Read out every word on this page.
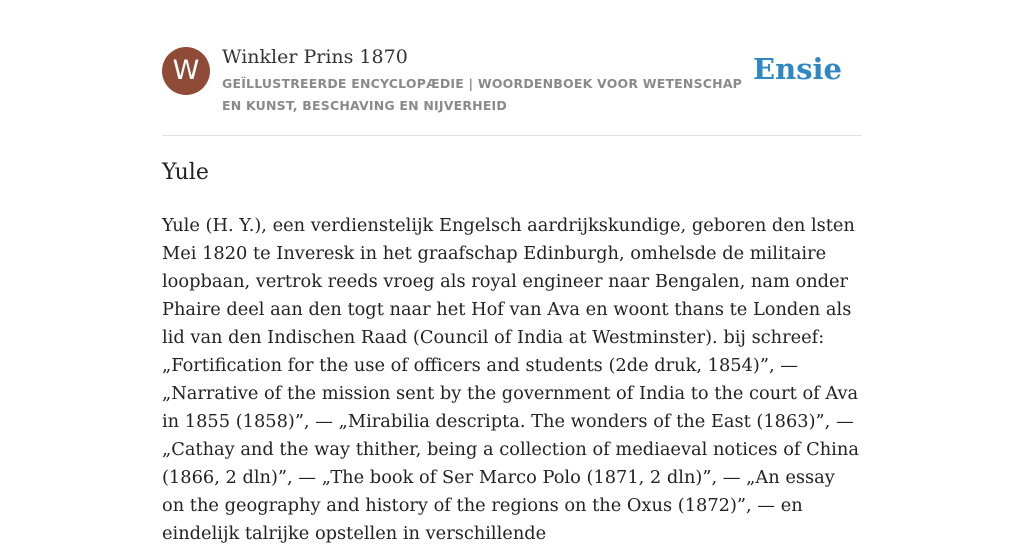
W	Winkler Prins 1870
GEÏLLUSTREERDE ENCYCLOPÆDIE | WOORDENBOEK VOOR WETENSCHAP EN KUNST, BESCHAVING EN NIJVERHEID
Ensie
Yule

Yule (H. Y.), een verdienstelijk Engelsch aardrijkskundige, geboren den lsten Mei 1820 te Inveresk in het graafschap Edinburgh, omhelsde de militaire loopbaan, vertrok reeds vroeg als royal engineer naar Bengalen, nam onder Phaire deel aan den togt naar het Hof van Ava en woont thans te Londen als lid van den Indischen Raad (Council of India at Westminster). bij schreef: „Fortification for the use of officers and students (2de druk, 1854)”, — „Narrative of the mission sent by the government of India to the court of Ava in 1855 (1858)”, — „Mirabilia descripta. The wonders of the East (1863)”, — „Cathay and the way thither, being a collection of mediaeval notices of China (1866, 2 dln)”, — „The book of Ser Marco Polo (1871, 2 dln)”, — „An essay on the geography and history of the regions on the Oxus (1872)”, — en eindelijk talrijke opstellen in verschillende
